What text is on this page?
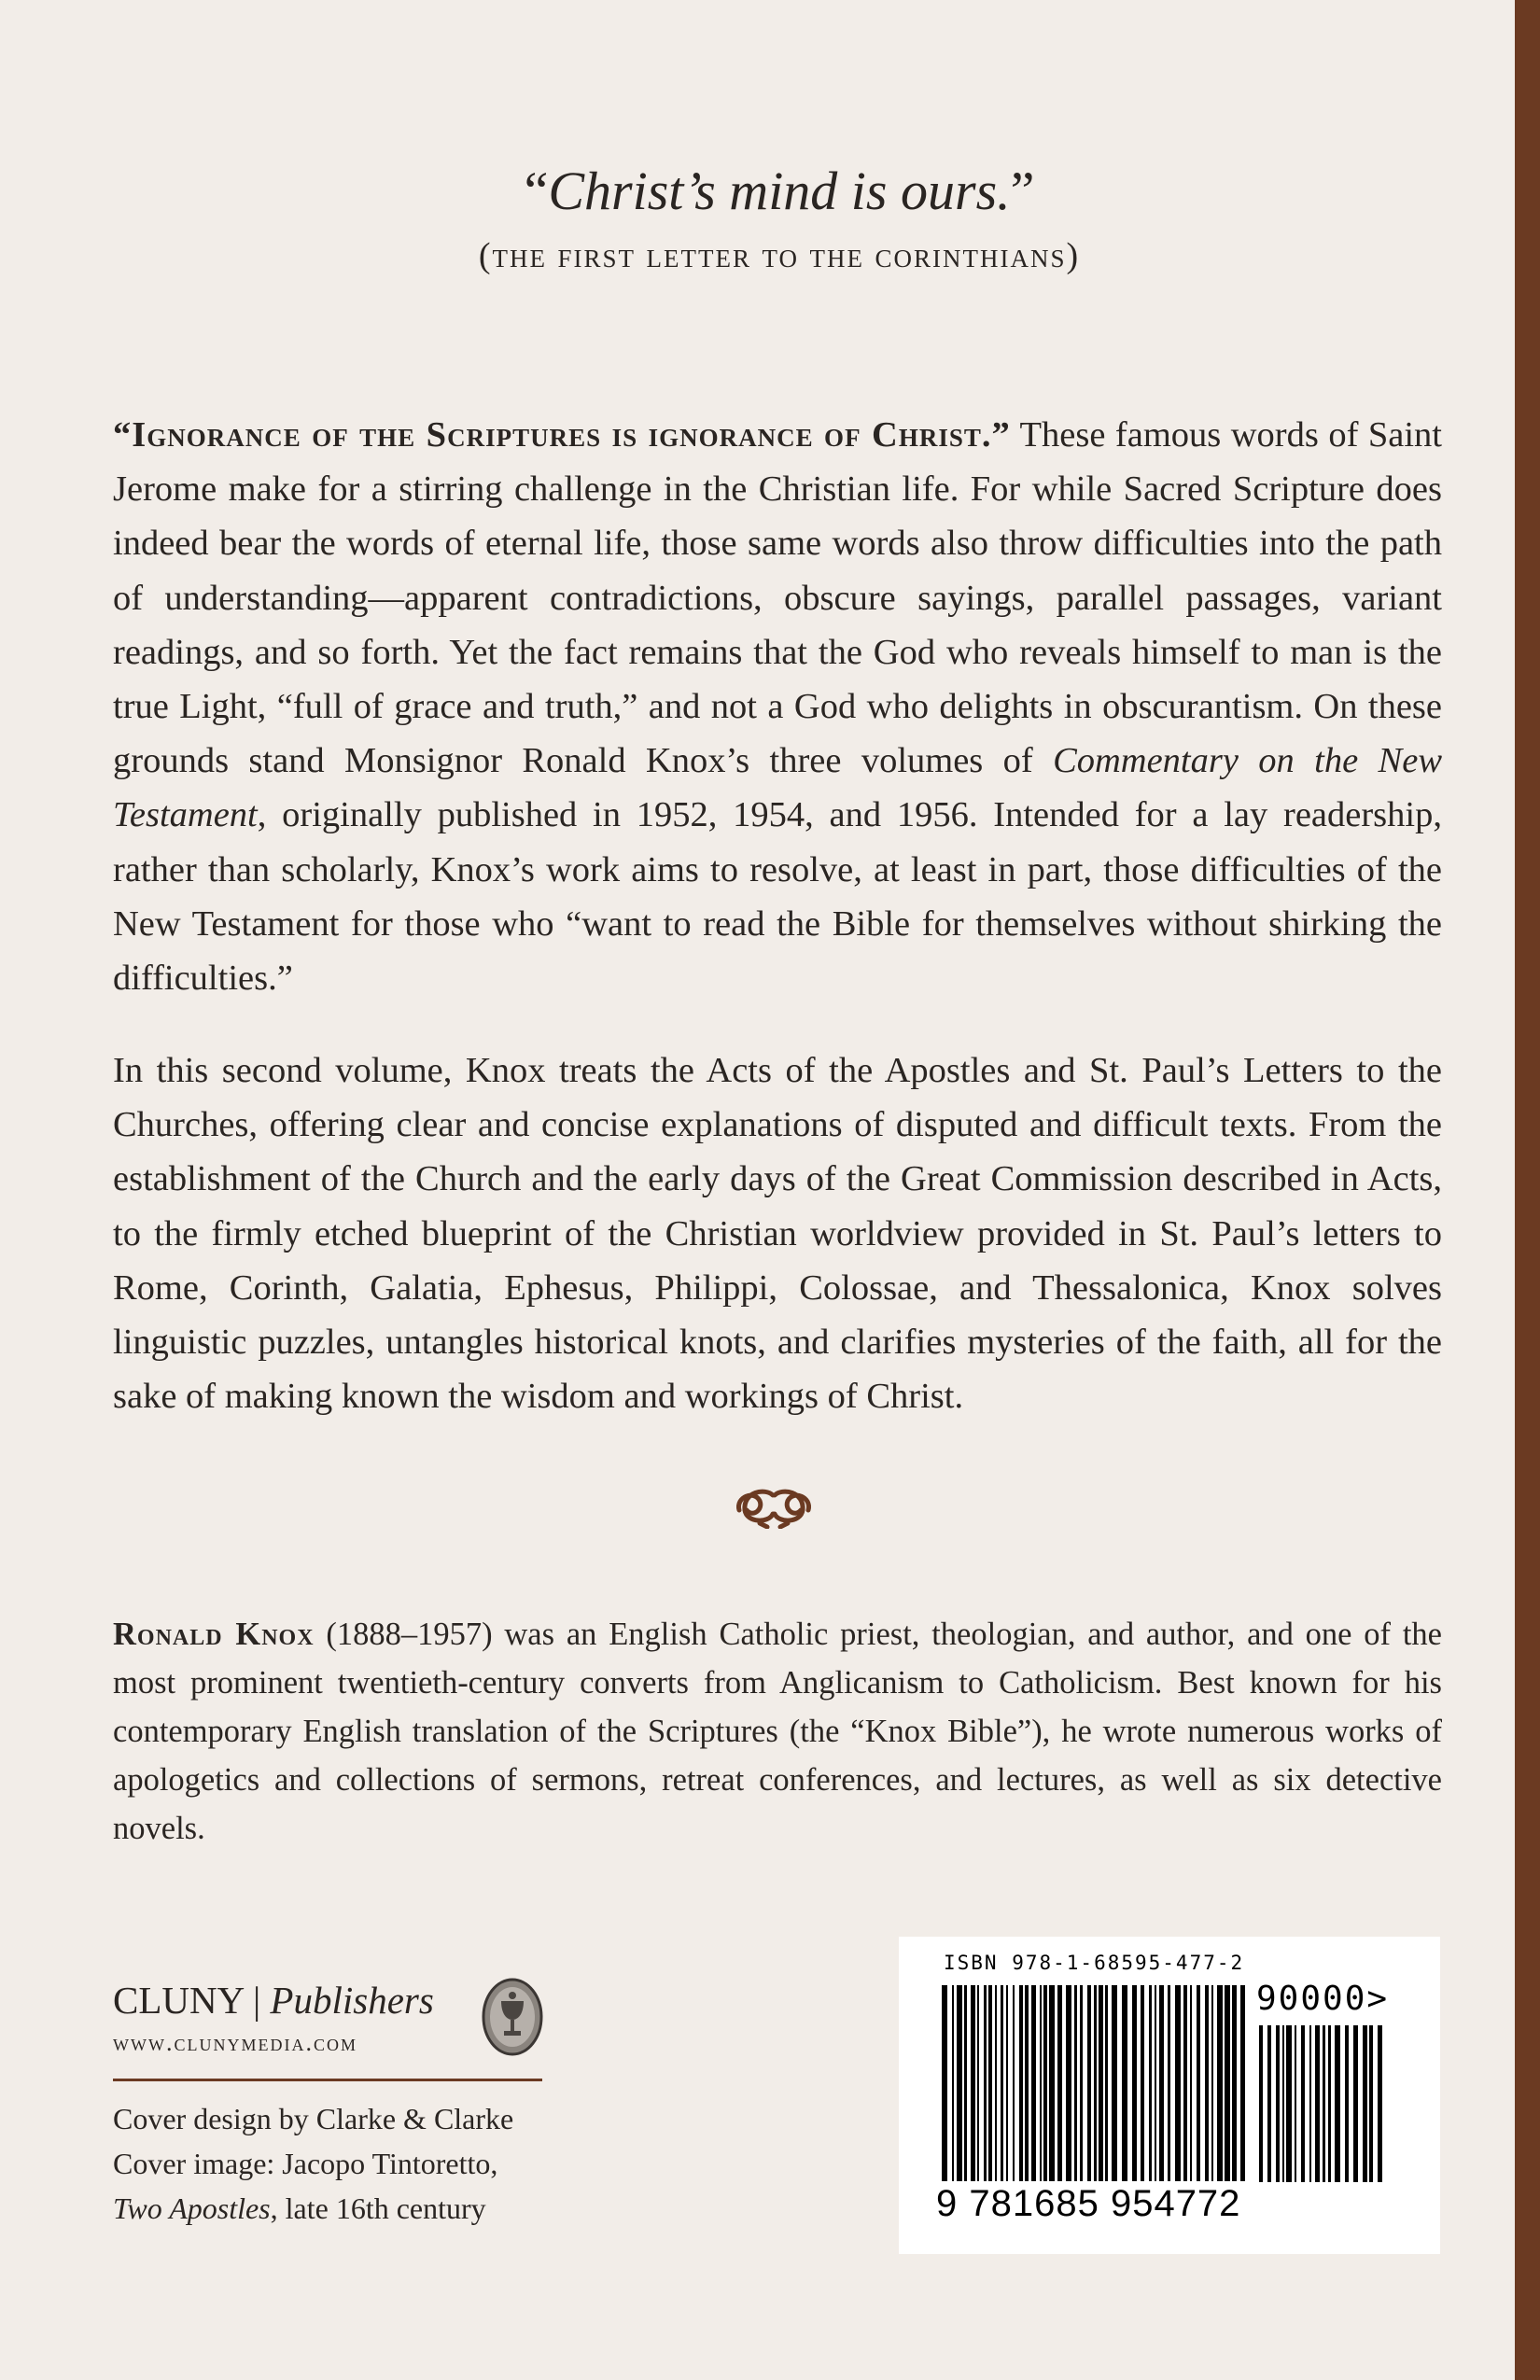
“Christ’s mind is ours.”
(the first letter to the corinthians)

“Ignorance of the Scriptures is ignorance of Christ.” These famous words of Saint Jerome make for a stirring challenge in the Christian life. For while Sacred Scripture does indeed bear the words of eternal life, those same words also throw difficulties into the path of understanding—apparent contradictions, obscure sayings, parallel passages, variant readings, and so forth. Yet the fact remains that the God who reveals himself to man is the true Light, “full of grace and truth,” and not a God who delights in obscurantism. On these grounds stand Monsignor Ronald Knox’s three volumes of Commentary on the New Testament, originally published in 1952, 1954, and 1956. Intended for a lay readership, rather than scholarly, Knox’s work aims to resolve, at least in part, those difficulties of the New Testament for those who “want to read the Bible for themselves without shirking the difficulties.”

In this second volume, Knox treats the Acts of the Apostles and St. Paul’s Letters to the Churches, offering clear and concise explanations of disputed and difficult texts. From the establishment of the Church and the early days of the Great Commission described in Acts, to the firmly etched blueprint of the Christian worldview provided in St. Paul’s letters to Rome, Corinth, Galatia, Ephesus, Philippi, Colossae, and Thessalonica, Knox solves linguistic puzzles, untangles historical knots, and clarifies mysteries of the faith, all for the sake of making known the wisdom and workings of Christ.

Ronald Knox (1888–1957) was an English Catholic priest, theologian, and author, and one of the most prominent twentieth-century converts from Anglicanism to Catholicism. Best known for his contemporary English translation of the Scriptures (the “Knox Bible”), he wrote numerous works of apologetics and collections of sermons, retreat conferences, and lectures, as well as six detective novels.

CLUNY | Publishers
www.clunymedia.com
Cover design by Clarke & Clarke
Cover image: Jacopo Tintoretto,
Two Apostles, late 16th century
ISBN 978-1-68595-477-2
90000>
9 781685 954772
